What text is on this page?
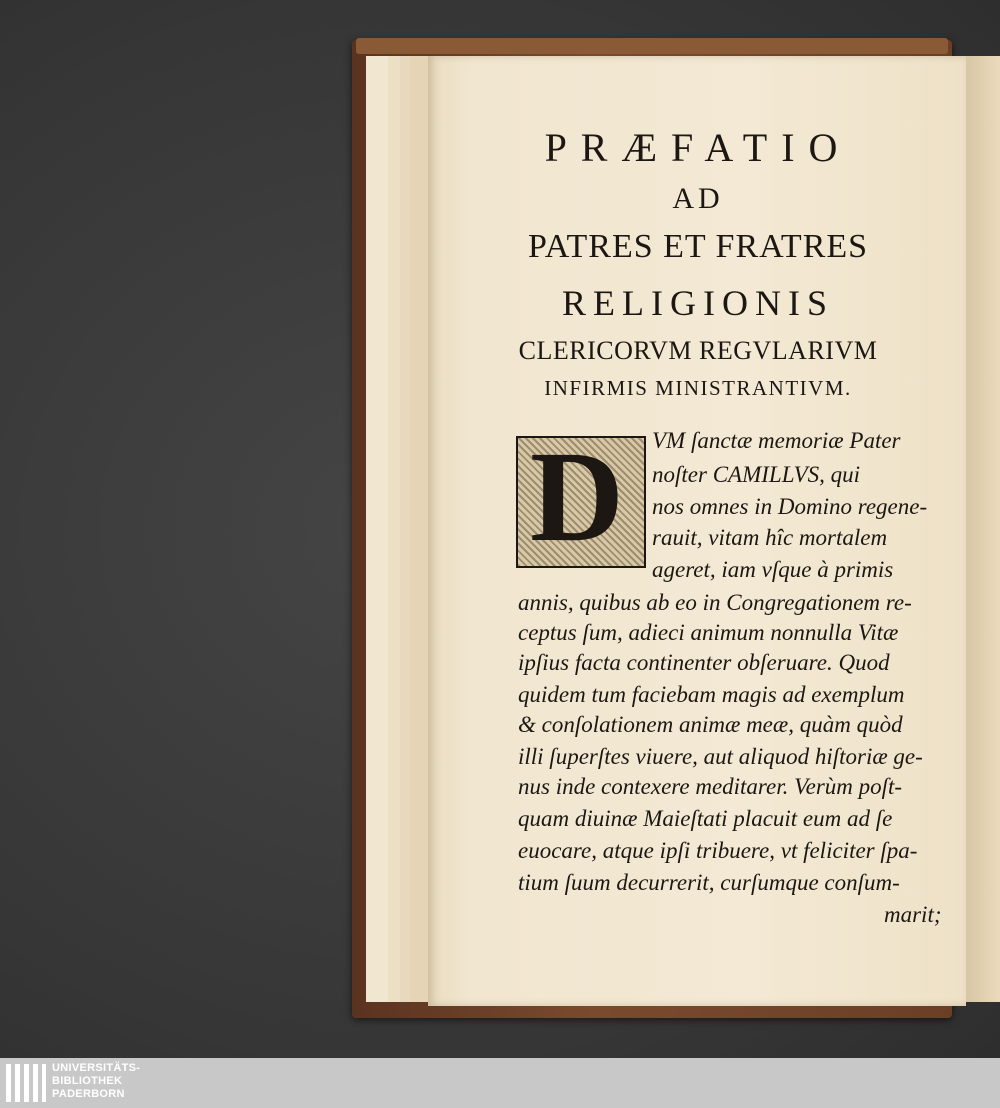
PRÆFATIO
AD
PATRES ET FRATRES
RELIGIONIS
CLERICORVM REGVLARIVM
INFIRMIS MINISTRANTIVM.
D VM ſanctæ memoriæ Pater
noſter CAMILLVS, qui
nos omnes in Domino regene-
rauit, vitam hîc mortalem
ageret, iam vſque à primis
annis, quibus ab eo in Congregationem re-
ceptus ſum, adieci animum nonnulla Vitæ
ipſius facta continenter obſeruare. Quod
quidem tum faciebam magis ad exemplum
& conſolationem animæ meæ, quàm quòd
illi ſuperſtes viuere, aut aliquod hiſtoriæ ge-
nus inde contexere meditarer. Verùm poſt-
quam diuinæ Maieſtati placuit eum ad ſe
euocare, atque ipſi tribuere, vt feliciter ſpa-
tium ſuum decurrerit, curſumque conſum-
marit;
UNIVERSITÄTS-
BIBLIOTHEK
PADERBORN
